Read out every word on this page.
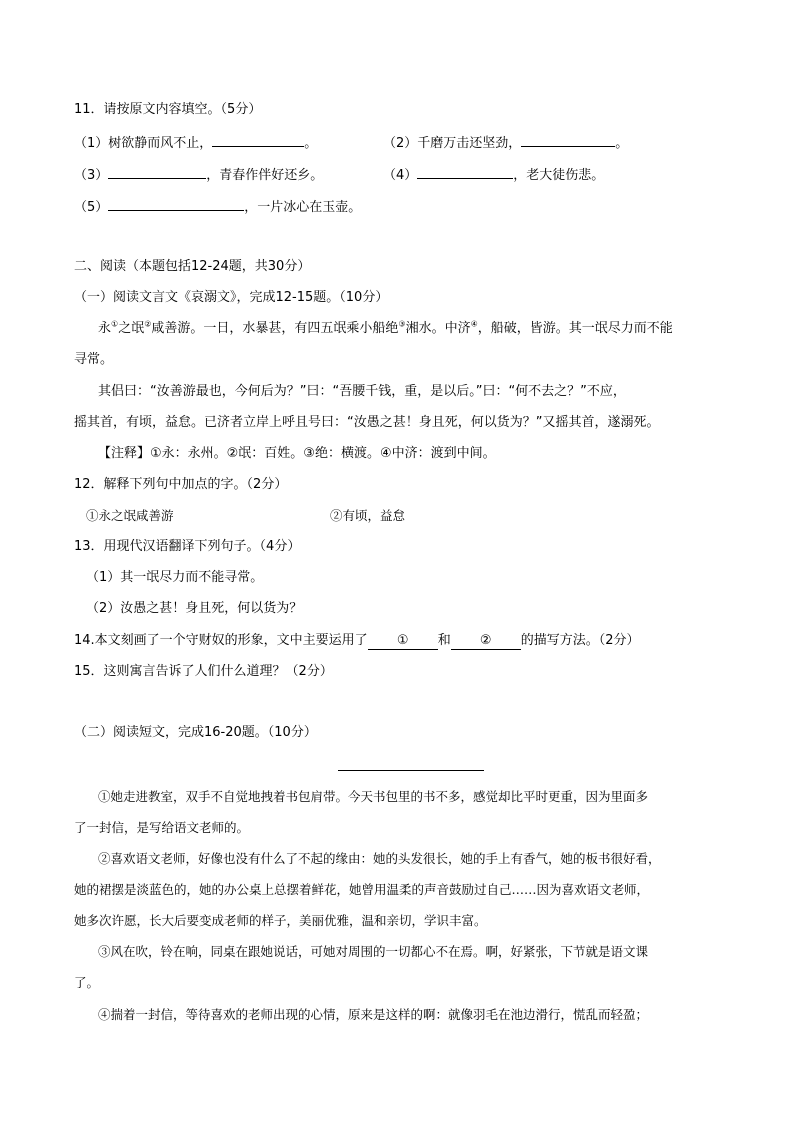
11．请按原文内容填空。（5分）
（1）树欲静而风不止，	。	（2）千磨万击还坚劲，	。
（3）	，青春作伴好还乡。	（4）	，老大徒伤悲。
（5）	，一片冰心在玉壶。
二、阅读（本题包括12-24题，共30分）
（一）阅读文言文《哀溺文》，完成12-15题。（10分）
永①之氓②咸善游。一日，水暴甚，有四五氓乘小船绝③湘水。中济④，船破，皆游。其一氓尽力而不能
寻常。
其侣曰：“汝善游最也，今何后为？”曰：“吾腰千钱，重，是以后。”曰：“何不去之？”不应，
摇其首，有顷，益怠。已济者立岸上呼且号曰：“汝愚之甚！身且死，何以货为？”又摇其首，遂溺死。
【注释】①永：永州。②氓：百姓。③绝：横渡。④中济：渡到中间。
12．解释下列句中加点的字。（2分）
①永之氓咸善游	②有顷，益怠
13．用现代汉语翻译下列句子。（4分）
（1）其一氓尽力而不能寻常。
（2）汝愚之甚！身且死，何以货为？
14.本文刻画了一个守财奴的形象，文中主要运用了 ① 和 ② 的描写方法。（2分）
15．这则寓言告诉了人们什么道理？（2分）
（二）阅读短文，完成16-20题。（10分）
①她走进教室，双手不自觉地拽着书包肩带。今天书包里的书不多，感觉却比平时更重，因为里面多
了一封信，是写给语文老师的。
②喜欢语文老师，好像也没有什么了不起的缘由：她的头发很长，她的手上有香气，她的板书很好看，
她的裙摆是淡蓝色的，她的办公桌上总摆着鲜花，她曾用温柔的声音鼓励过自己……因为喜欢语文老师，
她多次许愿，长大后要变成老师的样子，美丽优雅，温和亲切，学识丰富。
③风在吹，铃在响，同桌在跟她说话，可她对周围的一切都心不在焉。啊，好紧张，下节就是语文课
了。
④揣着一封信，等待喜欢的老师出现的心情，原来是这样的啊：就像羽毛在池边滑行，慌乱而轻盈；
